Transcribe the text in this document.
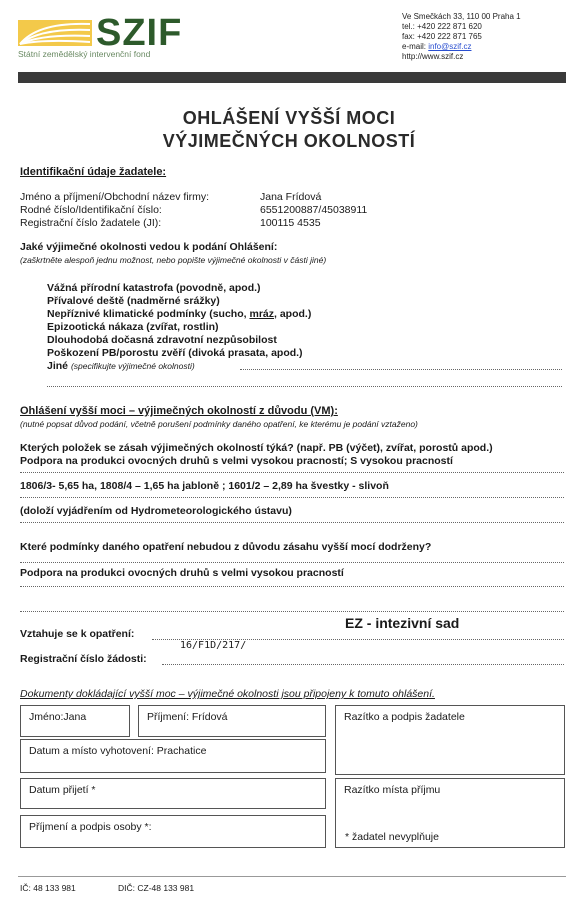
SZIF
Státní zemědělský intervenční fond
Ve Smečkách 33, 110 00 Praha 1
tel.: +420 222 871 620
fax: +420 222 871 765
e-mail: info@szif.cz
http://www.szif.cz
OHLÁŠENÍ VYŠŠÍ MOCI
VÝJIMEČNÝCH OKOLNOSTÍ
Identifikační údaje žadatele:
Jméno a příjmení/Obchodní název firmy:	Jana Frídová
Rodné číslo/Identifikační číslo:	6551200887/45038911
Registrační číslo žadatele (JI):	100115 4535
Jaké výjimečné okolnosti vedou k podání Ohlášení:
(zaškrtněte alespoň jednu možnost, nebo popište výjimečné okolnosti v části jiné)
Vážná přírodní katastrofa (povodně, apod.)
Přívalové deště (nadměrné srážky)
Nepříznivé klimatické podmínky (sucho, mráz, apod.)
Epizootická nákaza (zvířat, rostlin)
Dlouhodobá dočasná zdravotní nezpůsobilost
Poškození PB/porostu zvěří (divoká prasata, apod.)
Jiné (specifikujte výjimečné okolnosti)
Ohlášení vyšší moci – výjimečných okolností z důvodu (VM):
(nutné popsat důvod podání, včetně porušení podmínky daného opatření, ke kterému je podání vztaženo)
Kterých položek se zásah výjimečných okolností týká? (např. PB (výčet), zvířat, porostů apod.)
Podpora na produkci ovocných druhů s velmi vysokou pracností; S vysokou pracností
1806/3- 5,65 ha, 1808/4 – 1,65 ha jabloně ; 1601/2 – 2,89 ha švestky - slivoň
(doloží vyjádřením od Hydrometeorologického ústavu)
Které podmínky daného opatření nebudou z důvodu zásahu vyšší mocí dodrženy?
Podpora na produkci ovocných druhů s velmi vysokou pracností
Vztahuje se k opatření:
EZ - intezivní sad
16/F1D/217/
Registrační číslo žádosti:
Dokumenty dokládající vyšší moc – výjimečné okolnosti jsou připojeny k tomuto ohlášení.
Jméno:Jana	Příjmení: Frídová
Datum a místo vyhotovení: Prachatice
Razítko a podpis žadatele
Datum přijetí *	Razítko místa příjmu
Příjmení a podpis osoby *:
* žadatel nevyplňuje
IČ: 48 133 981	DIČ: CZ-48 133 981
